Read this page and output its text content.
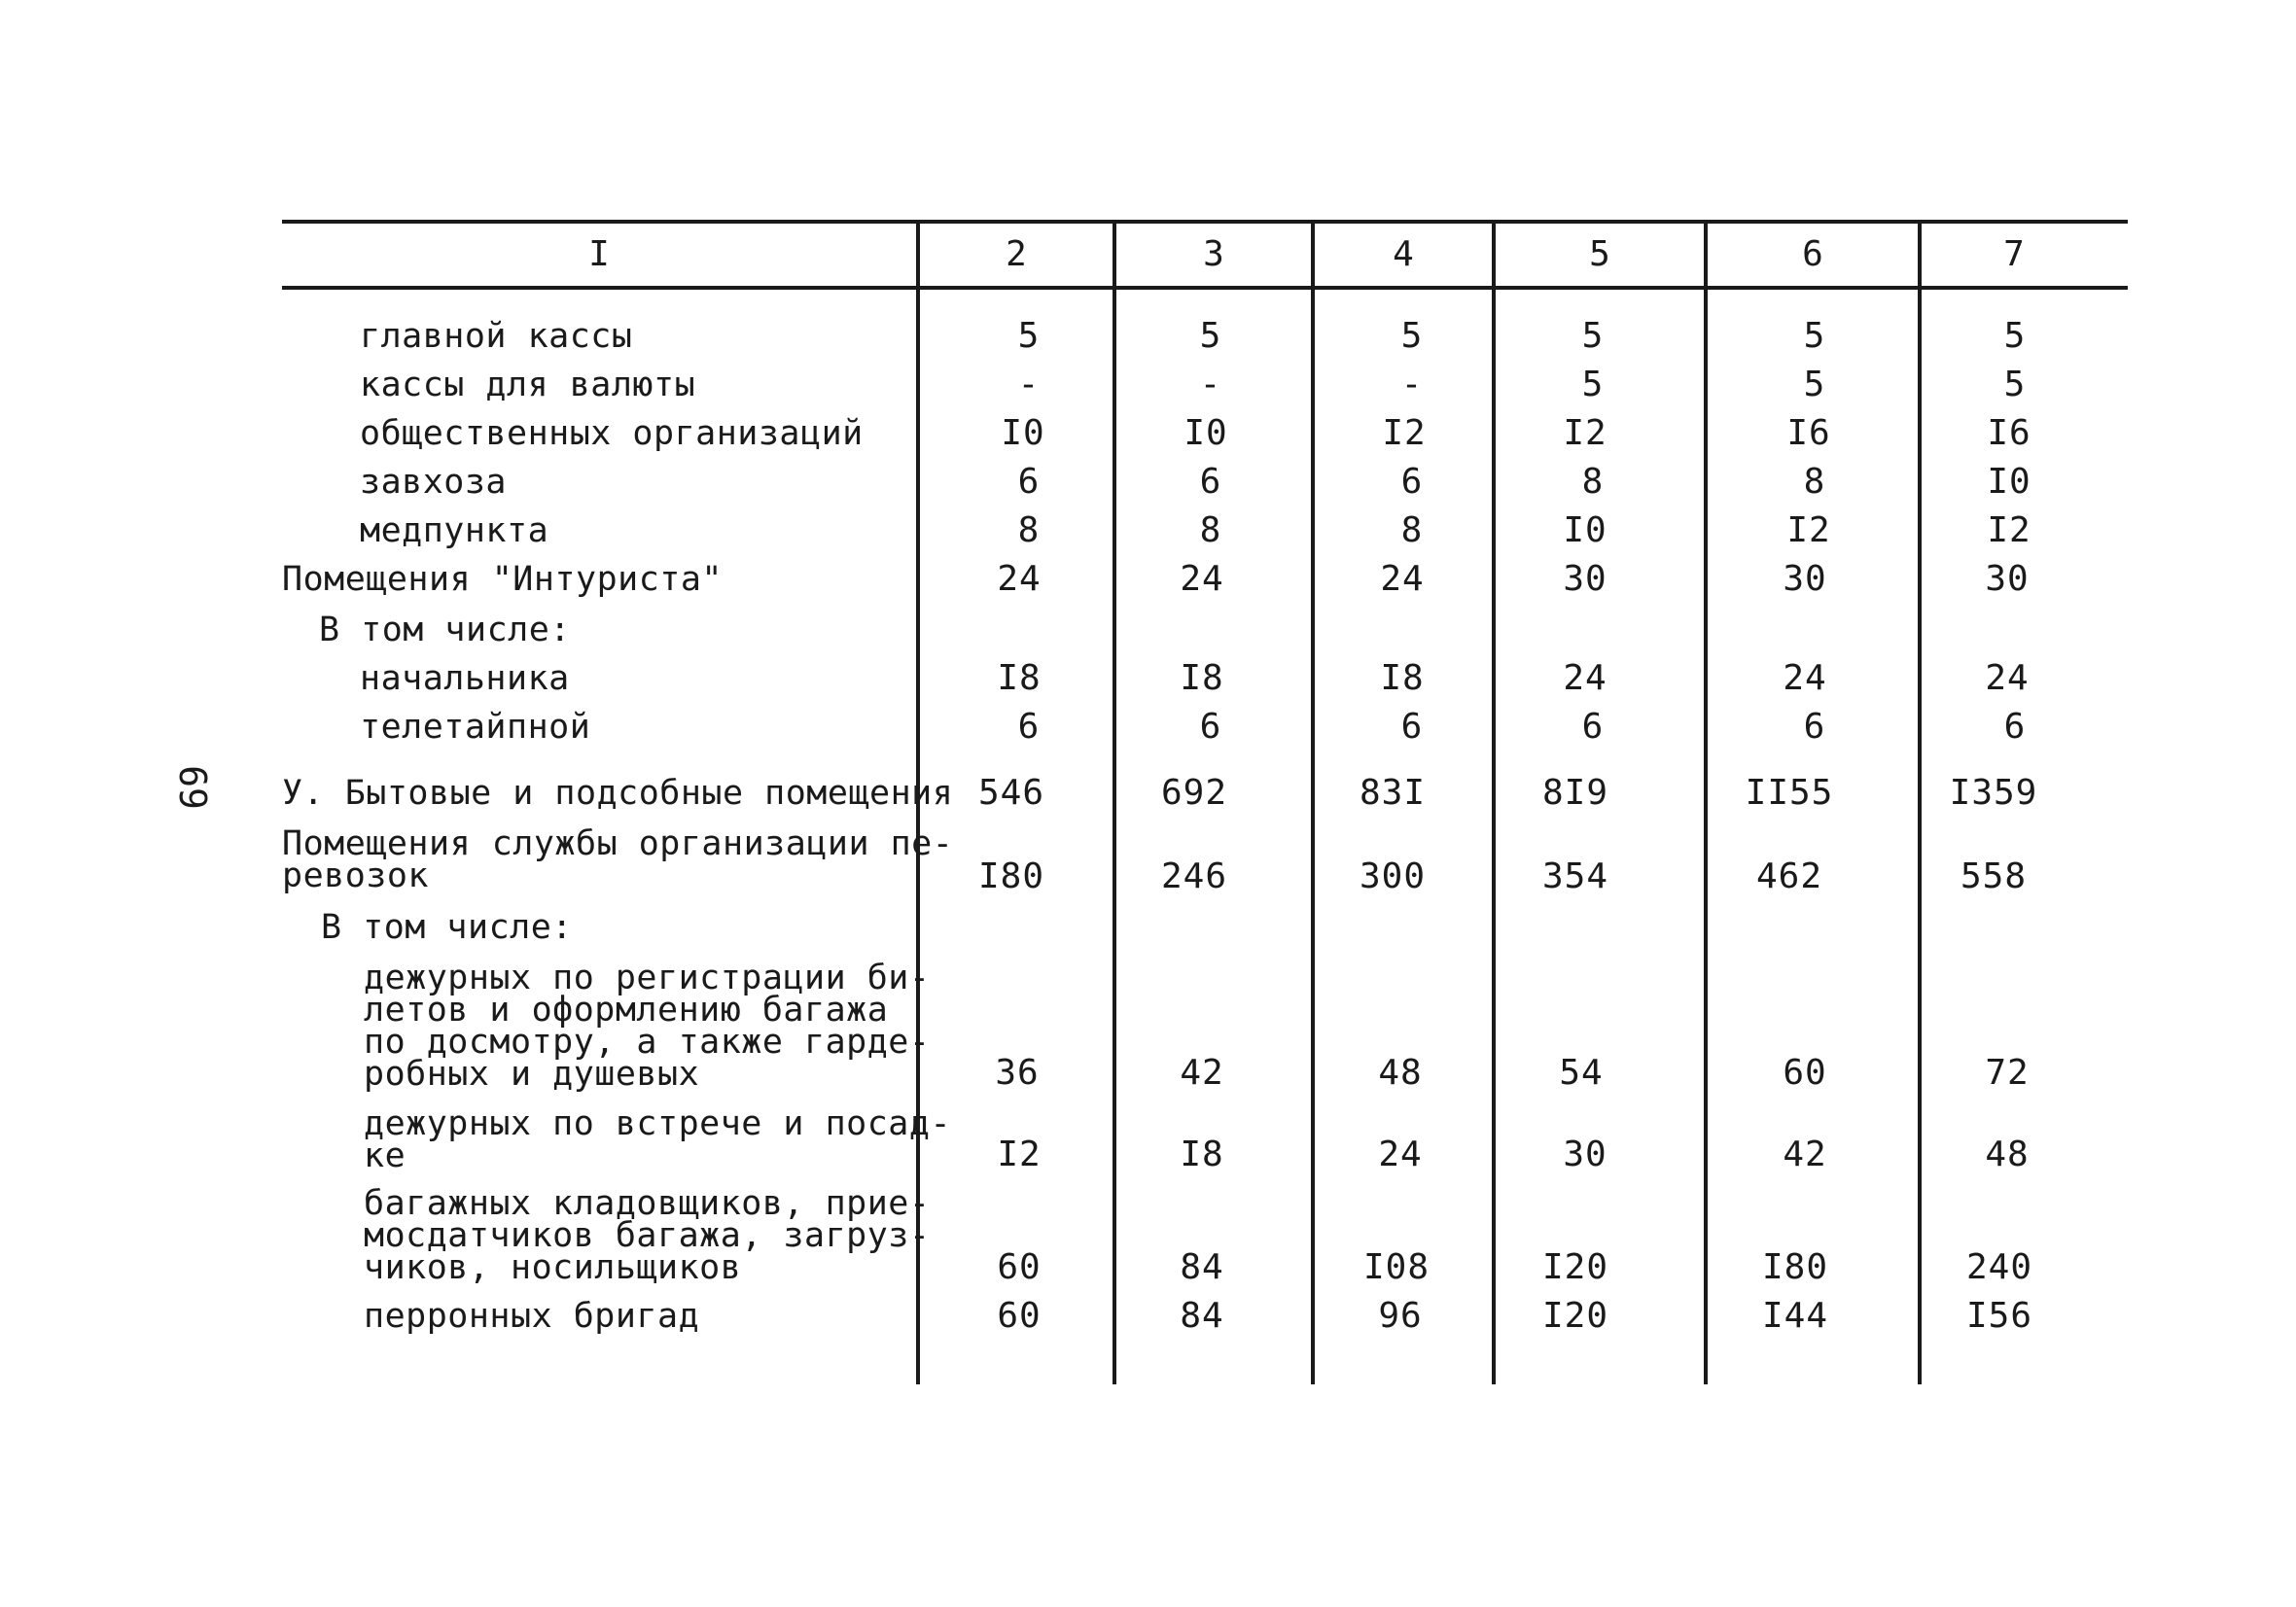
69
I	2	3	4	5	6	7
главной кассы	5	5	5	5	5	5
кассы для валюты	-	-	-	5	5	5
общественных организаций	I0	I0	I2	I2	I6	I6
завхоза	6	6	6	8	8	I0
медпункта	8	8	8	I0	I2	I2
Помещения "Интуриста"	24	24	24	30	30	30
В том числе:
начальника	I8	I8	I8	24	24	24
телетайпной	6	6	6	6	6	6
У. Бытовые и подсобные помещения 546	692	83I	8I9	II55	I359
Помещения службы организации пе-
ревозок	I80	246	300	354	462	558
В том числе:
дежурных по регистрации би-
летов и оформлению багажа
по досмотру, а также гарде-
робных и душевых	36	42	48	54	60	72
дежурных по встрече и посад-
ке	I2	I8	24	30	42	48
багажных кладовщиков, прие-
мосдатчиков багажа, загруз-
чиков, носильщиков	60	84	I08	I20	I80	240
перронных бригад	60	84	96	I20	I44	I56
